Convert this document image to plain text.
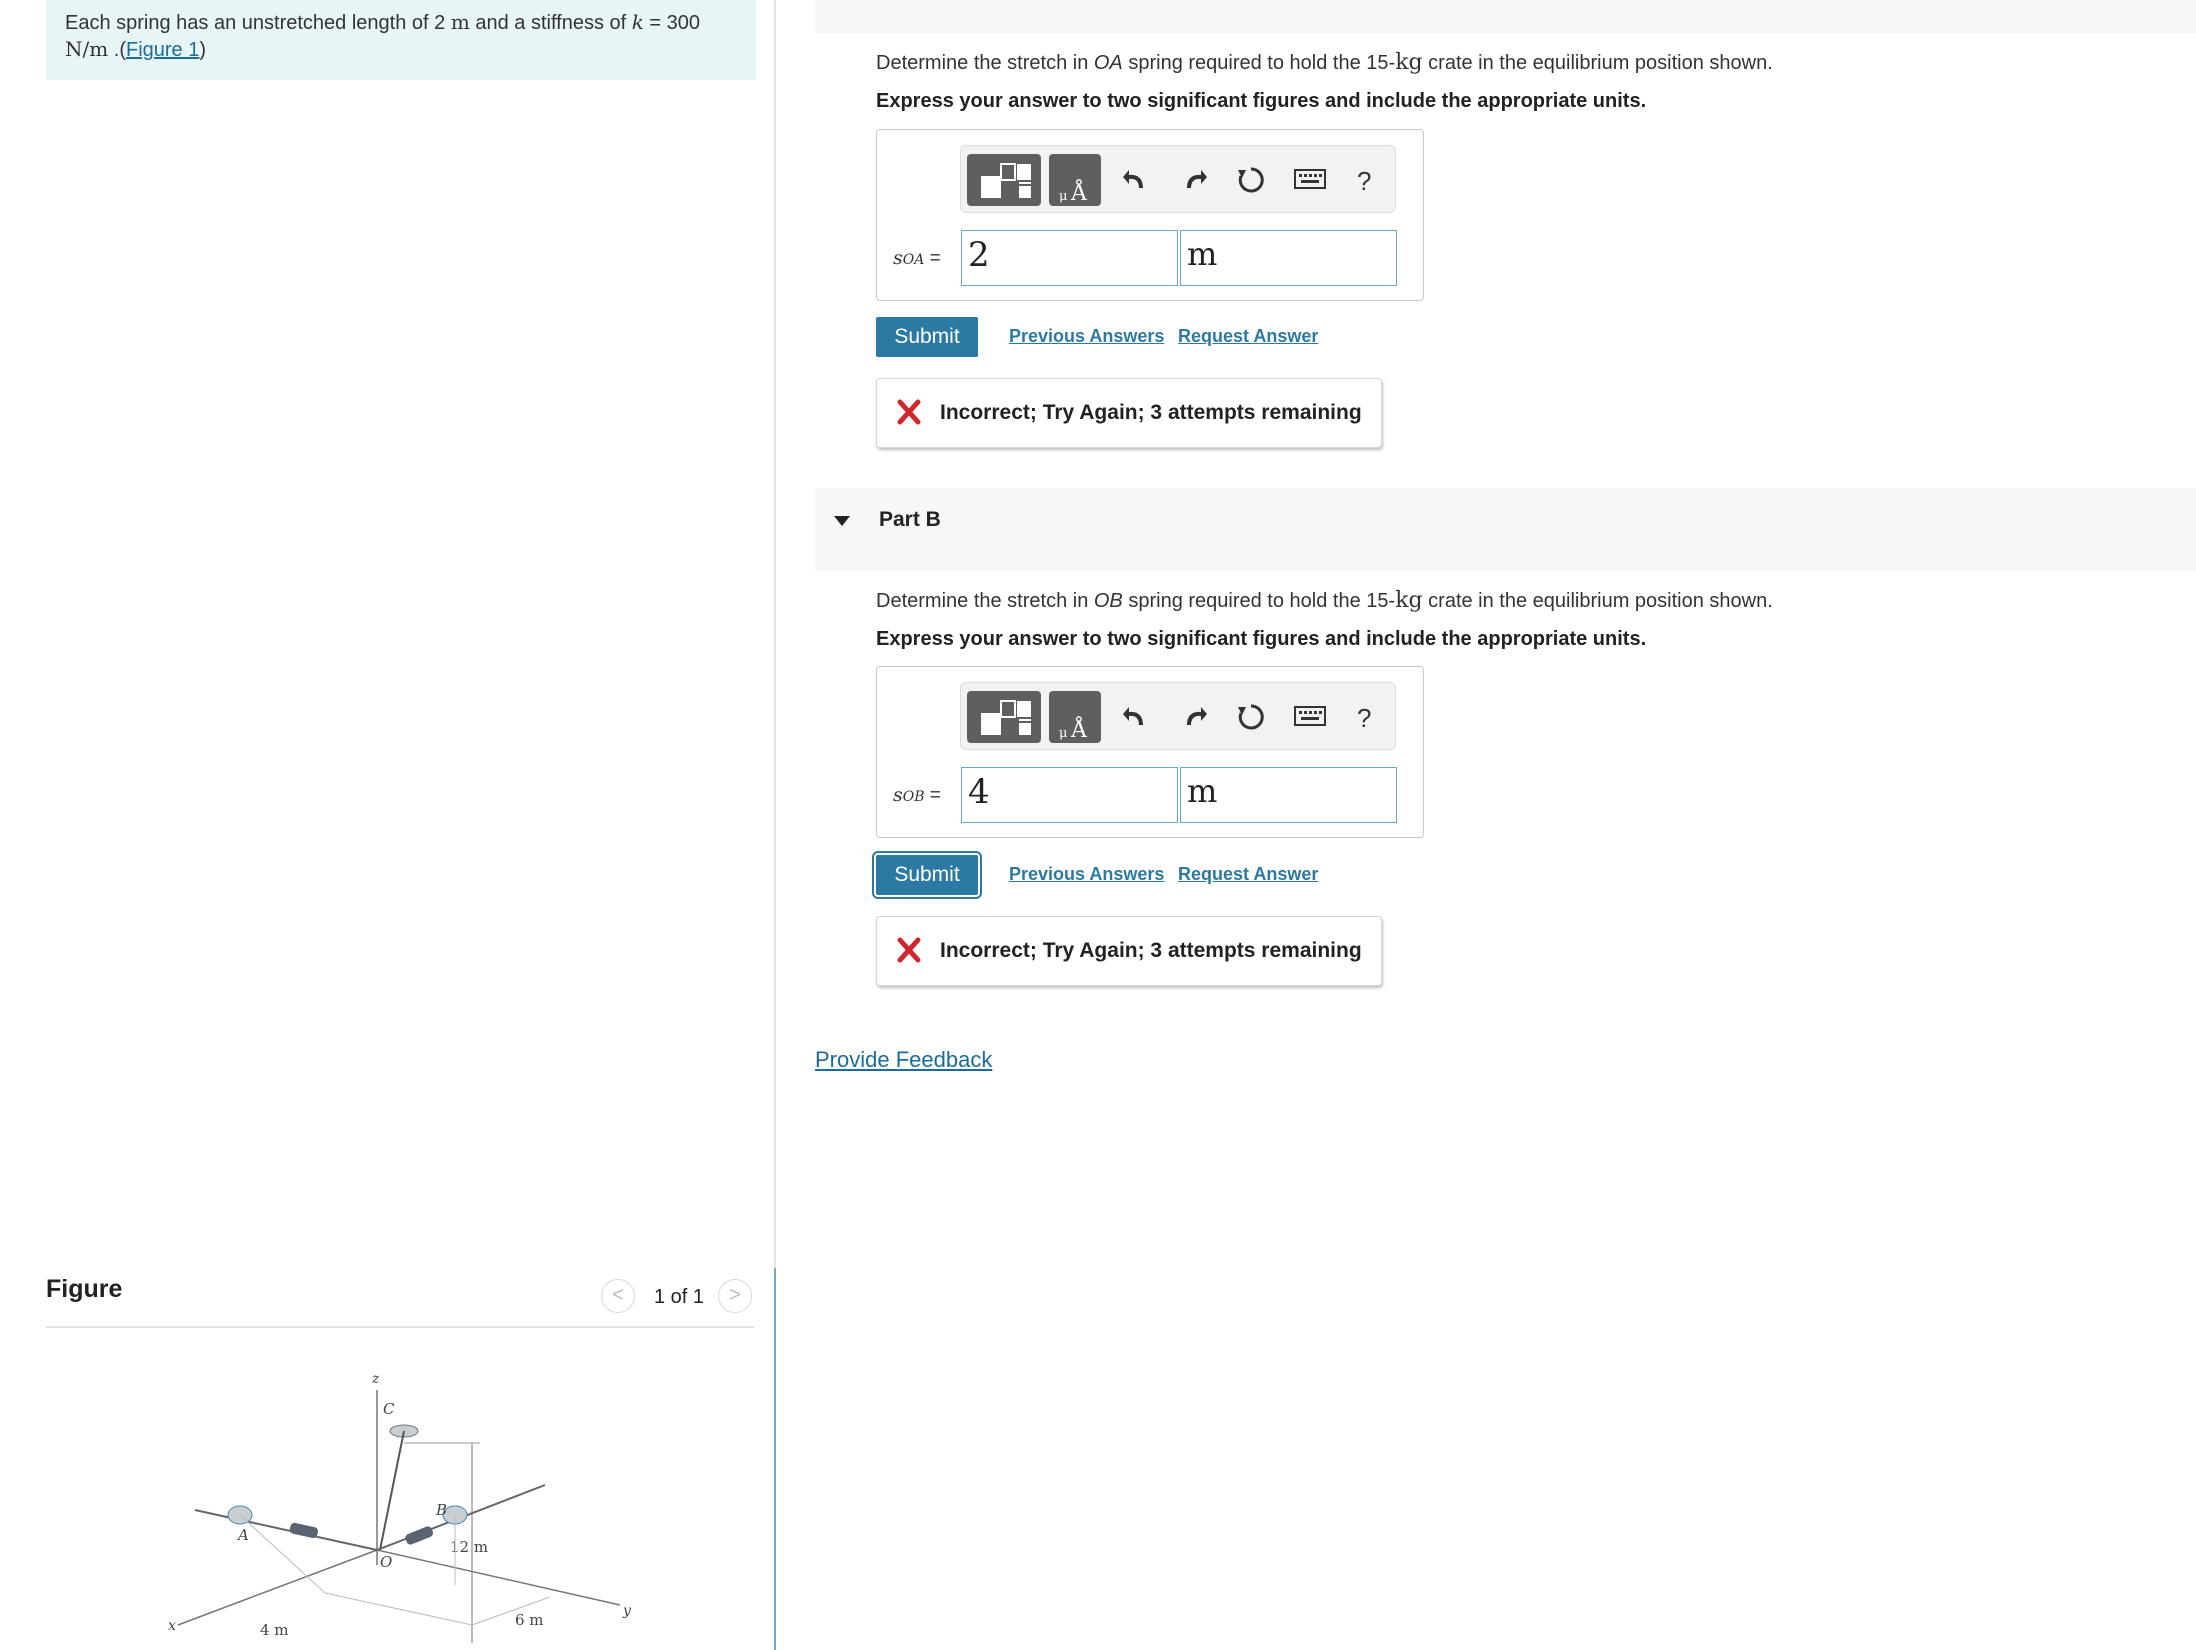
Each spring has an unstretched length of 2 m and a stiffness of k = 300
N/m .(Figure 1)
Figure	<	1 of 1	>
z
C
12 m
x
y
A
B
O
4 m
6 m
Determine the stretch in OA spring required to hold the 15-kg crate in the equilibrium position shown.
Express your answer to two significant figures and include the appropriate units.
μ Å	?
sOA = 2	m
Submit	Previous Answers Request Answer
Incorrect; Try Again; 3 attempts remaining
Part B
Determine the stretch in OB spring required to hold the 15-kg crate in the equilibrium position shown.
Express your answer to two significant figures and include the appropriate units.
μ Å	?
sOB = 4	m
Submit	Previous Answers Request Answer
Incorrect; Try Again; 3 attempts remaining
Provide Feedback
